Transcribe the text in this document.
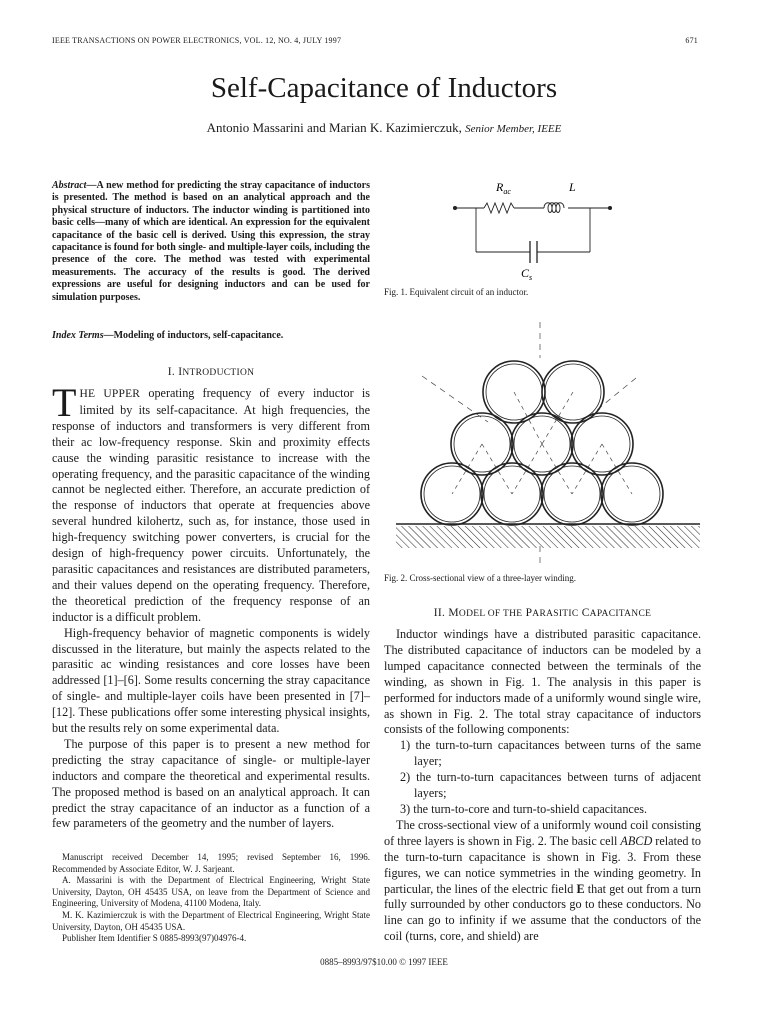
IEEE TRANSACTIONS ON POWER ELECTRONICS, VOL. 12, NO. 4, JULY 1997	671
Self-Capacitance of Inductors
Antonio Massarini and Marian K. Kazimierczuk, Senior Member, IEEE
Abstract—A new method for predicting the stray capacitance of inductors is presented. The method is based on an analytical approach and the physical structure of inductors. The inductor winding is partitioned into basic cells—many of which are identical. An expression for the equivalent capacitance of the basic cell is derived. Using this expression, the stray capacitance is found for both single- and multiple-layer coils, including the presence of the core. The method was tested with experimental measurements. The accuracy of the results is good. The derived expressions are useful for designing inductors and can be used for simulation purposes.
Index Terms—Modeling of inductors, self-capacitance.
I. INTRODUCTION

THE UPPER operating frequency of every inductor is limited by its self-capacitance. At high frequencies, the response of inductors and transformers is very different from their ac low-frequency response. Skin and proximity effects cause the winding parasitic resistance to increase with the operating frequency, and the parasitic capacitance of the winding cannot be neglected either. Therefore, an accurate prediction of the response of inductors that operate at frequencies above several hundred kilohertz, such as, for instance, those used in high-frequency switching power converters, is crucial for the design of high-frequency power circuits. Unfortunately, the parasitic capacitances and resistances are distributed parameters, and their values depend on the operating frequency. Therefore, the theoretical prediction of the frequency response of an inductor is a difficult problem.

High-frequency behavior of magnetic components is widely discussed in the literature, but mainly the aspects related to the parasitic ac winding resistances and core losses have been addressed [1]–[6]. Some results concerning the stray capacitance of single- and multiple-layer coils have been presented in [7]–[12]. These publications offer some interesting physical insights, but the results rely on some experimental data.

The purpose of this paper is to present a new method for predicting the stray capacitance of single- or multiple-layer inductors and compare the theoretical and experimental results. The proposed method is based on an analytical approach. It can predict the stray capacitance of an inductor as a function of a few parameters of the geometry and the number of layers.

Manuscript received December 14, 1995; revised September 16, 1996. Recommended by Associate Editor, W. J. Sarjeant.
A. Massarini is with the Department of Electrical Engineering, Wright State University, Dayton, OH 45435 USA, on leave from the Department of Science and Engineering, University of Modena, 41100 Modena, Italy.
M. K. Kazimierczuk is with the Department of Electrical Engineering, Wright State University, Dayton, OH 45435 USA.
Publisher Item Identifier S 0885-8993(97)04976-4.
$R_{ac}$	L
$C_s$
Fig. 1. Equivalent circuit of an inductor.
Fig. 2. Cross-sectional view of a three-layer winding.
II. MODEL OF THE PARASITIC CAPACITANCE

Inductor windings have a distributed parasitic capacitance. The distributed capacitance of inductors can be modeled by a lumped capacitance connected between the terminals of the winding, as shown in Fig. 1. The analysis in this paper is performed for inductors made of a uniformly wound single wire, as shown in Fig. 2. The total stray capacitance of inductors consists of the following components:

1) the turn-to-turn capacitances between turns of the same layer;
2) the turn-to-turn capacitances between turns of adjacent layers;
3) the turn-to-core and turn-to-shield capacitances.

The cross-sectional view of a uniformly wound coil consisting of three layers is shown in Fig. 2. The basic cell ABCD related to the turn-to-turn capacitance is shown in Fig. 3. From these figures, we can notice symmetries in the winding geometry. In particular, the lines of the electric field E that get out from a turn fully surrounded by other conductors go to these conductors. No line can go to infinity if we assume that the conductors of the coil (turns, core, and shield) are

0885–8993/97$10.00 © 1997 IEEE
